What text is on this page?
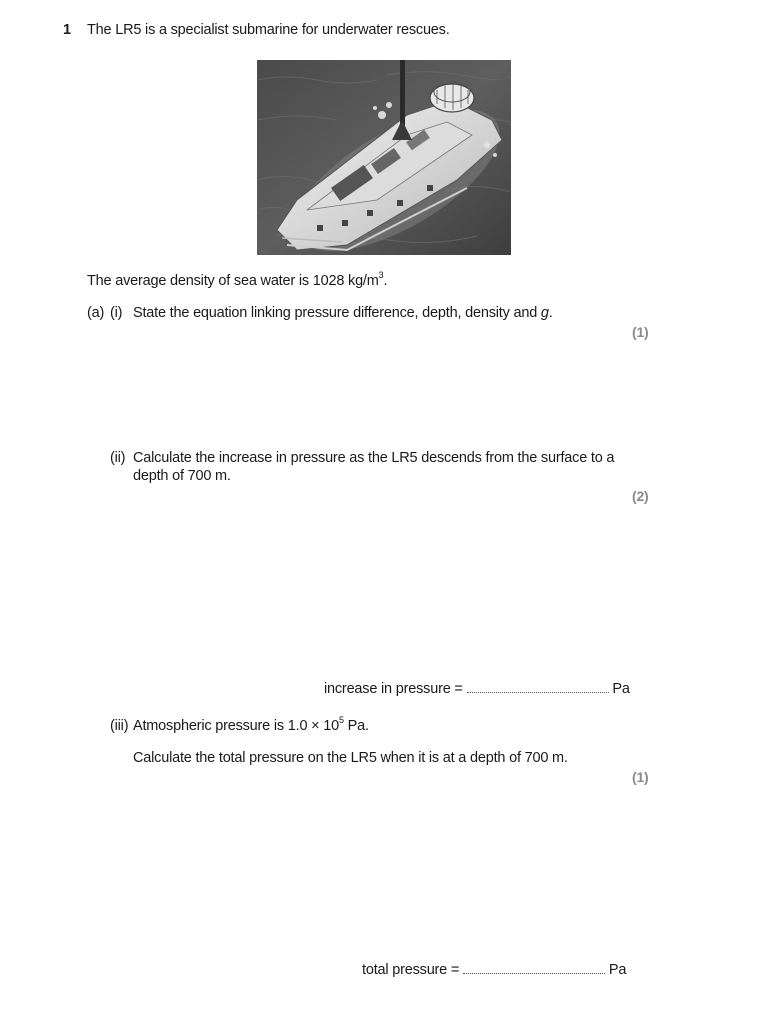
1 The LR5 is a specialist submarine for underwater rescues.
The average density of sea water is 1028 $kg/m^3$.
(a) (i) State the equation linking pressure difference, depth, density and g.
(1)
(ii) Calculate the increase in pressure as the LR5 descends from the surface to a
depth of 700 m.
(2)
increase in pressure =	Pa
(iii) Atmospheric pressure is $1.0 \times 10^5$ Pa.
Calculate the total pressure on the LR5 when it is at a depth of 700 m.
(1)
total pressure =	Pa
